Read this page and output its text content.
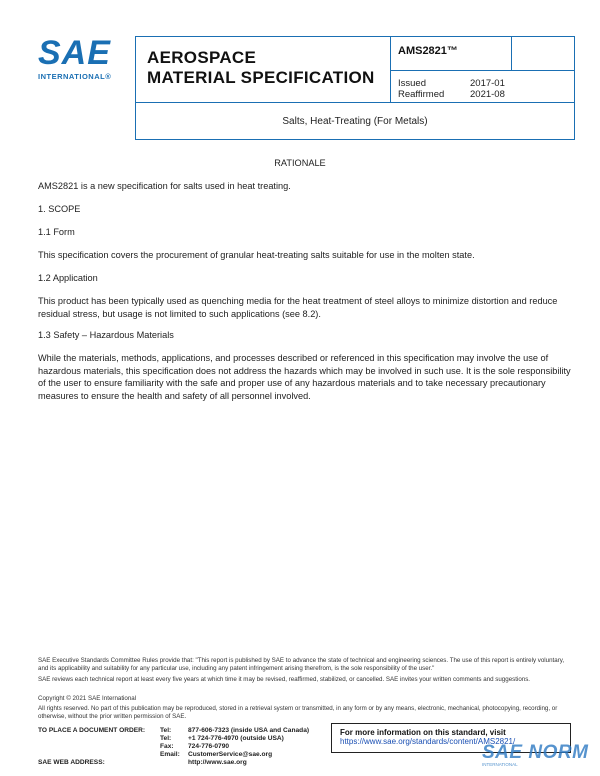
SAE
INTERNATIONAL®
AEROSPACE
MATERIAL SPECIFICATION
AMS2821™
Issued	2017-01
Reaffirmed	2021-08
Salts, Heat-Treating (For Metals)
RATIONALE
AMS2821 is a new specification for salts used in heat treating.
1. SCOPE
1.1 Form
This specification covers the procurement of granular heat-treating salts suitable for use in the molten state.
1.2 Application
This product has been typically used as quenching media for the heat treatment of steel alloys to minimize distortion and reduce residual stress, but usage is not limited to such applications (see 8.2).
1.3 Safety – Hazardous Materials
While the materials, methods, applications, and processes described or referenced in this specification may involve the use of hazardous materials, this specification does not address the hazards which may be involved in such use. It is the sole responsibility of the user to ensure familiarity with the safe and proper use of any hazardous materials and to take necessary precautionary measures to ensure the health and safety of all personnel involved.
SAE Executive Standards Committee Rules provide that: "This report is published by SAE to advance the state of technical and engineering sciences. The use of this report is entirely voluntary, and its applicability and suitability for any particular use, including any patent infringement arising therefrom, is the sole responsibility of the user."
SAE reviews each technical report at least every five years at which time it may be revised, reaffirmed, stabilized, or cancelled. SAE invites your written comments and suggestions.
Copyright © 2021 SAE International
All rights reserved. No part of this publication may be reproduced, stored in a retrieval system or transmitted, in any form or by any means, electronic, mechanical, photocopying, recording, or otherwise, without the prior written permission of SAE.
TO PLACE A DOCUMENT ORDER:	Tel:	877-606-7323 (inside USA and Canada)
Tel:	+1 724-776-4970 (outside USA)
Fax:	724-776-0790
Email:	CustomerService@sae.org
SAE WEB ADDRESS:	http://www.sae.org
For more information on this standard, visit
https://www.sae.org/standards/content/AMS2821/
SAE NORM
INTERNATIONAL
